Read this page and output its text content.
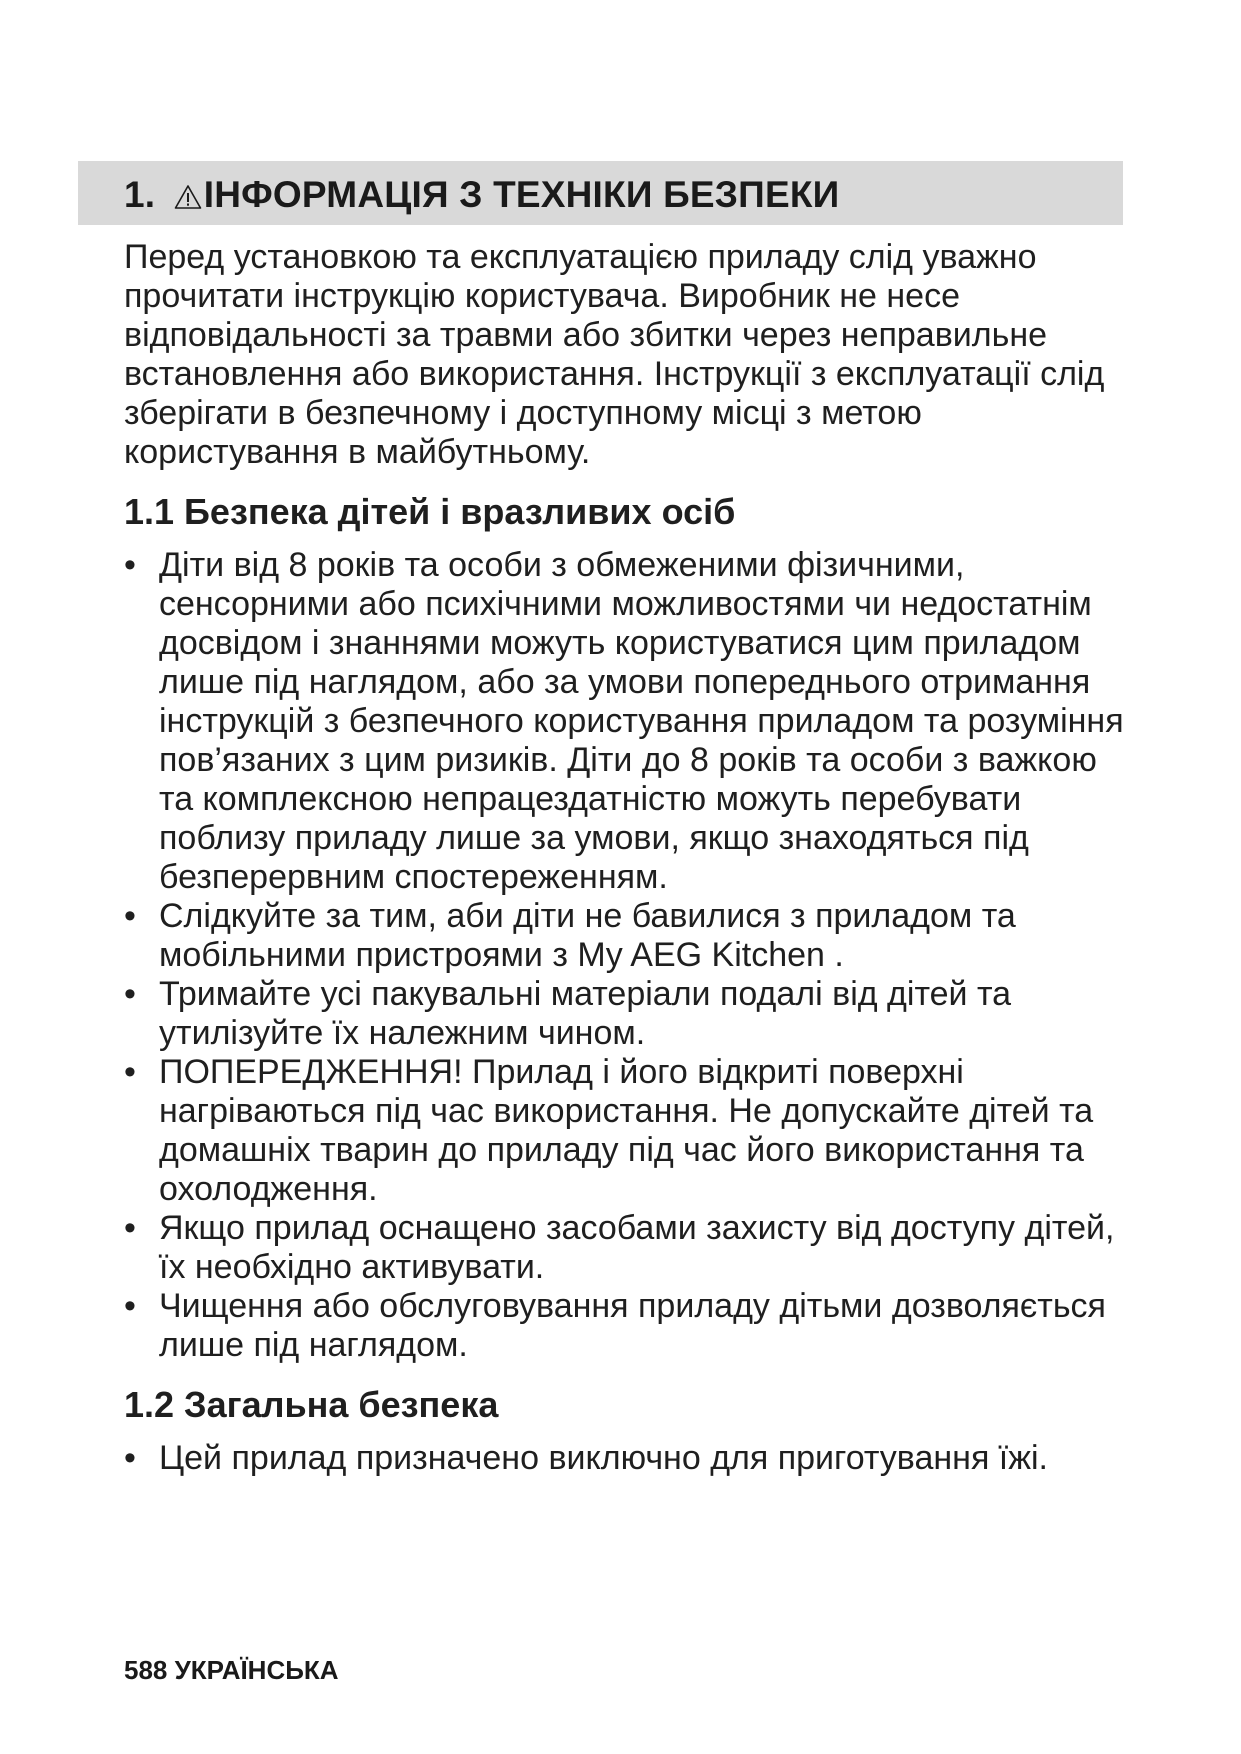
1. ІНФОРМАЦІЯ З ТЕХНІКИ БЕЗПЕКИ

Перед установкою та експлуатацією приладу слід уважно прочитати інструкцію користувача. Виробник не несе відповідальності за травми або збитки через неправильне встановлення або використання. Інструкції з експлуатації слід зберігати в безпечному і доступному місці з метою користування в майбутньому.

1.1 Безпека дітей і вразливих осіб
• Діти від 8 років та особи з обмеженими фізичними, сенсорними або психічними можливостями чи недостатнім досвідом і знаннями можуть користуватися цим приладом лише під наглядом, або за умови попереднього отримання інструкцій з безпечного користування приладом та розуміння пов’язаних з цим ризиків. Діти до 8 років та особи з важкою та комплексною непрацездатністю можуть перебувати поблизу приладу лише за умови, якщо знаходяться під безперервним спостереженням.
• Слідкуйте за тим, аби діти не бавилися з приладом та мобільними пристроями з My AEG Kitchen .
• Тримайте усі пакувальні матеріали подалі від дітей та утилізуйте їх належним чином.
• ПОПЕРЕДЖЕННЯ! Прилад і його відкриті поверхні нагріваються під час використання. Не допускайте дітей та домашніх тварин до приладу під час його використання та охолодження.
• Якщо прилад оснащено засобами захисту від доступу дітей, їх необхідно активувати.
• Чищення або обслуговування приладу дітьми дозволяється лише під наглядом.
1.2 Загальна безпека
• Цей прилад призначено виключно для приготування їжі.
588 УКРАЇНСЬКА
